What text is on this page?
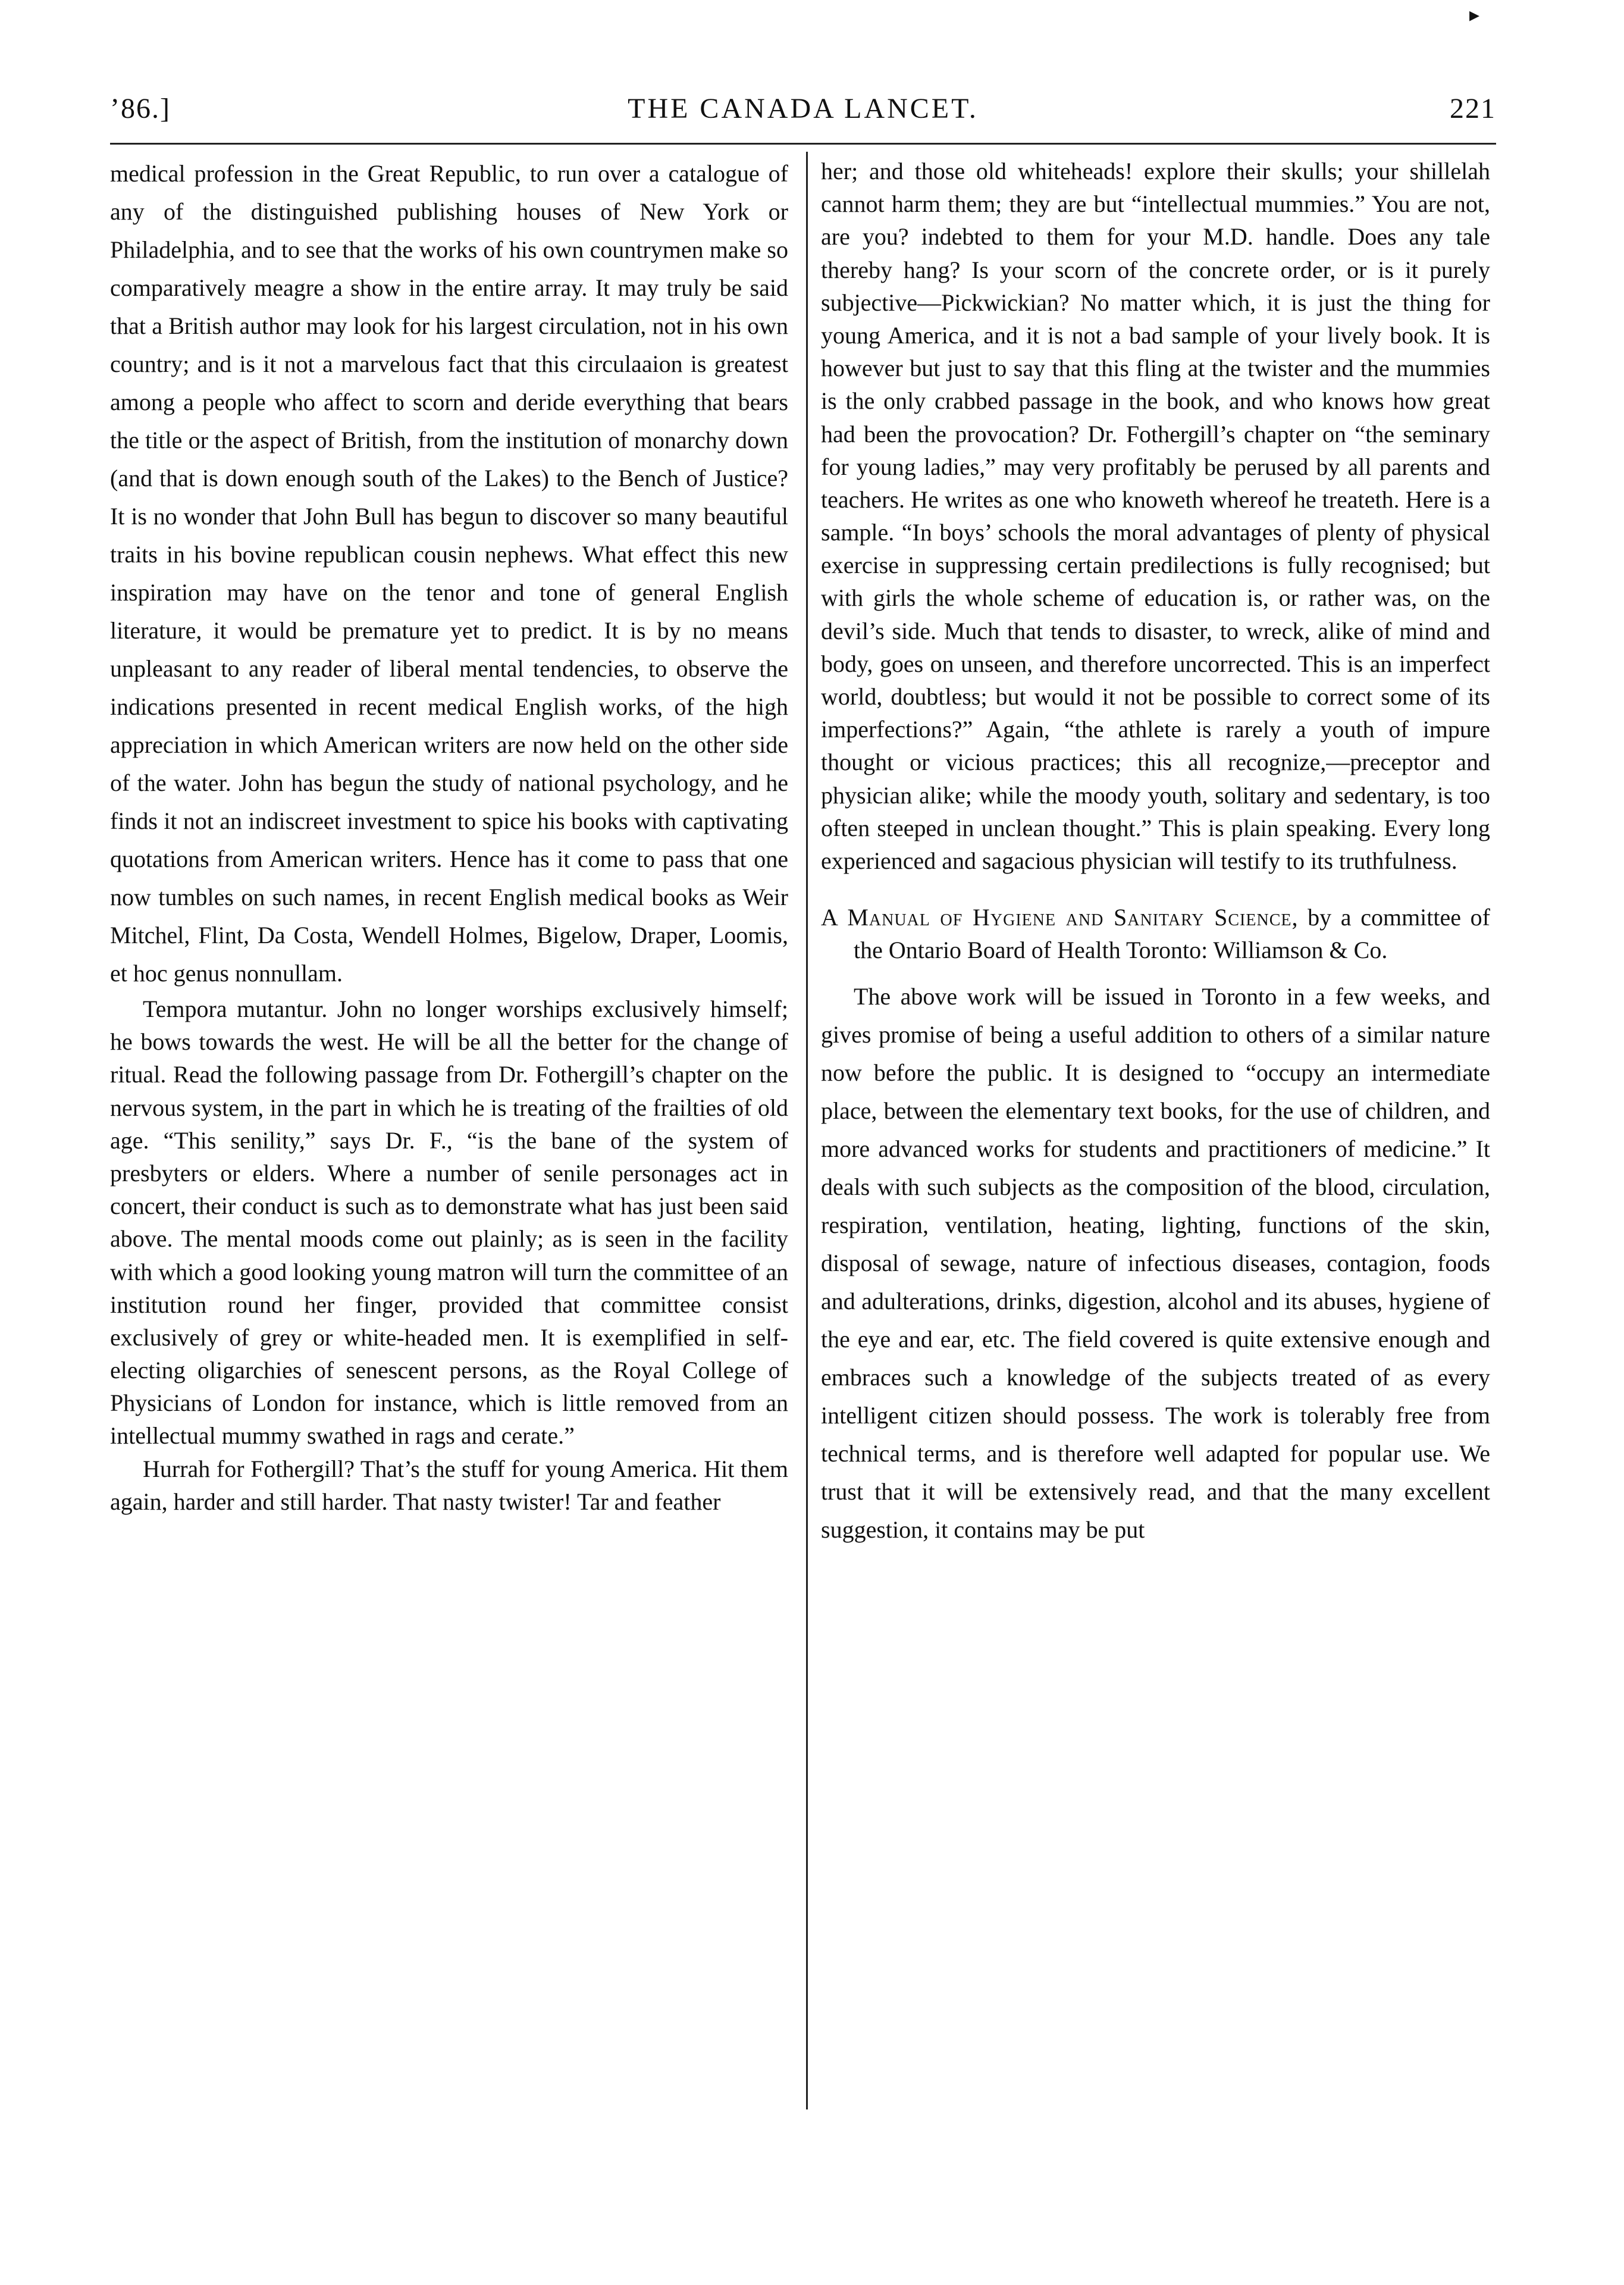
▸
’86.]	THE CANADA LANCET.	221

medical profession in the Great Republic, to run over a catalogue of any of the distinguished publishing houses of New York or Philadelphia, and to see that the works of his own countrymen make so comparatively meagre a show in the entire array. It may truly be said that a British author may look for his largest circulation, not in his own country; and is it not a marvelous fact that this circulaaion is greatest among a people who affect to scorn and deride everything that bears the title or the aspect of British, from the institution of monarchy down (and that is down enough south of the Lakes) to the Bench of Justice? It is no wonder that John Bull has begun to discover so many beautiful traits in his bovine republican cousin nephews. What effect this new inspiration may have on the tenor and tone of general English literature, it would be premature yet to predict. It is by no means unpleasant to any reader of liberal mental tendencies, to observe the indications presented in recent medical English works, of the high appreciation in which American writers are now held on the other side of the water. John has begun the study of national psychology, and he finds it not an indiscreet investment to spice his books with captivating quotations from American writers. Hence has it come to pass that one now tumbles on such names, in recent English medical books as Weir Mitchel, Flint, Da Costa, Wendell Holmes, Bigelow, Draper, Loomis, et hoc genus nonnullam.

Tempora mutantur. John no longer worships exclusively himself; he bows towards the west. He will be all the better for the change of ritual. Read the following passage from Dr. Fothergill’s chapter on the nervous system, in the part in which he is treating of the frailties of old age. “This senility,” says Dr. F., “is the bane of the system of presbyters or elders. Where a number of senile personages act in concert, their conduct is such as to demonstrate what has just been said above. The mental moods come out plainly; as is seen in the facility with which a good looking young matron will turn the committee of an institution round her finger, provided that committee consist exclusively of grey or white-headed men. It is exemplified in self-electing oligarchies of senescent persons, as the Royal College of Physicians of London for instance, which is little removed from an intellectual mummy swathed in rags and cerate.”

Hurrah for Fothergill? That’s the stuff for young America. Hit them again, harder and still harder. That nasty twister! Tar and feather

her; and those old whiteheads! explore their skulls; your shillelah cannot harm them; they are but “intellectual mummies.” You are not, are you? indebted to them for your M.D. handle. Does any tale thereby hang? Is your scorn of the concrete order, or is it purely subjective—Pickwickian? No matter which, it is just the thing for young America, and it is not a bad sample of your lively book. It is however but just to say that this fling at the twister and the mummies is the only crabbed passage in the book, and who knows how great had been the provocation? Dr. Fothergill’s chapter on “the seminary for young ladies,” may very profitably be perused by all parents and teachers. He writes as one who knoweth whereof he treateth. Here is a sample. “In boys’ schools the moral advantages of plenty of physical exercise in suppressing certain predilections is fully recognised; but with girls the whole scheme of education is, or rather was, on the devil’s side. Much that tends to disaster, to wreck, alike of mind and body, goes on unseen, and therefore uncorrected. This is an imperfect world, doubtless; but would it not be possible to correct some of its imperfections?” Again, “the athlete is rarely a youth of impure thought or vicious practices; this all recognize,—preceptor and physician alike; while the moody youth, solitary and sedentary, is too often steeped in unclean thought.” This is plain speaking. Every long experienced and sagacious physician will testify to its truthfulness.

A Manual of Hygiene and Sanitary Science, by a committee of the Ontario Board of Health Toronto: Williamson & Co.

The above work will be issued in Toronto in a few weeks, and gives promise of being a useful addition to others of a similar nature now before the public. It is designed to “occupy an intermediate place, between the elementary text books, for the use of children, and more advanced works for students and practitioners of medicine.” It deals with such subjects as the composition of the blood, circulation, respiration, ventilation, heating, lighting, functions of the skin, disposal of sewage, nature of infectious diseases, contagion, foods and adulterations, drinks, digestion, alcohol and its abuses, hygiene of the eye and ear, etc. The field covered is quite extensive enough and embraces such a knowledge of the subjects treated of as every intelligent citizen should possess. The work is tolerably free from technical terms, and is therefore well adapted for popular use. We trust that it will be extensively read, and that the many excellent suggestion, it contains may be put
